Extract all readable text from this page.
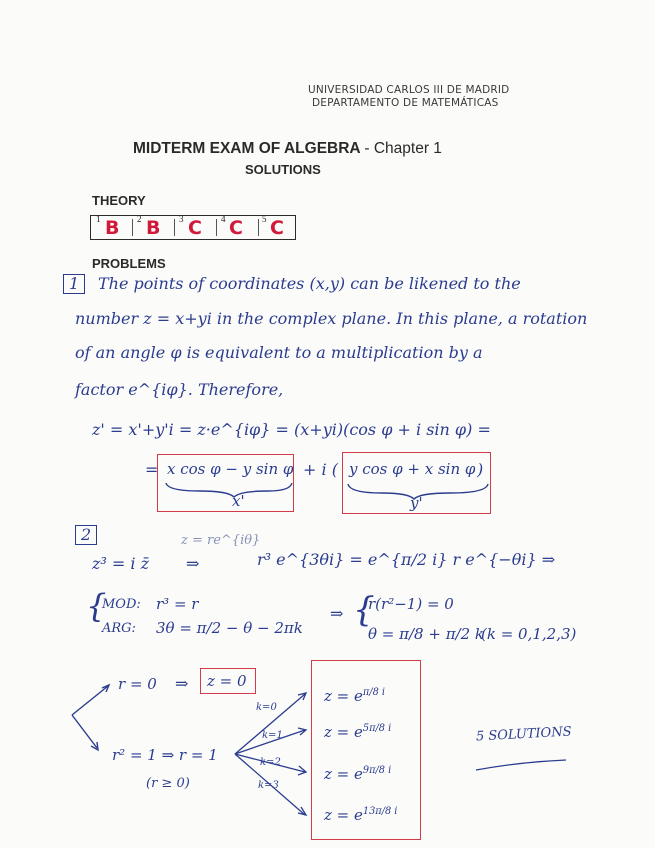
UNIVERSIDAD CARLOS III DE MADRID
DEPARTAMENTO DE MATEMÁTICAS
MIDTERM EXAM OF ALGEBRA - Chapter 1
SOLUTIONS
THEORY
1 B 2 B 3 C 4 C 5 C
PROBLEMS
1	The points of coordinates (x,y) can be likened to the
number z = x+yi in the complex plane. In this plane, a rotation
of an angle φ is equivalent to a multiplication by a
factor e^{iφ}. Therefore,
z' = x'+y'i = z·e^{iφ} = (x+yi)(cos φ + i sin φ) =
= x cos φ − y sin φ + i ( y cos φ + x sin φ )
x'	y'
2	z = re^{iθ}
z³ = i z̄ ⇒	r³ e^{3θi} = e^{π/2 i} r e^{−θi} ⇒
{
MOD: r³ = r
ARG: 3θ = π/2 − θ − 2πk
⇒ {
r(r²−1) = 0
θ = π/8 + π/2 k
(k = 0,1,2,3)
r = 0 ⇒ z = 0
r² = 1 ⇒ r = 1
(r ≥ 0)
k=0
k=1
k=2
k=3
$z = e^{\pi/8 i}$
$z = e^{5\pi/8 i}$
$z = e^{9\pi/8 i}$
$z = e^{13\pi/8 i}$
5 SOLUTIONS
